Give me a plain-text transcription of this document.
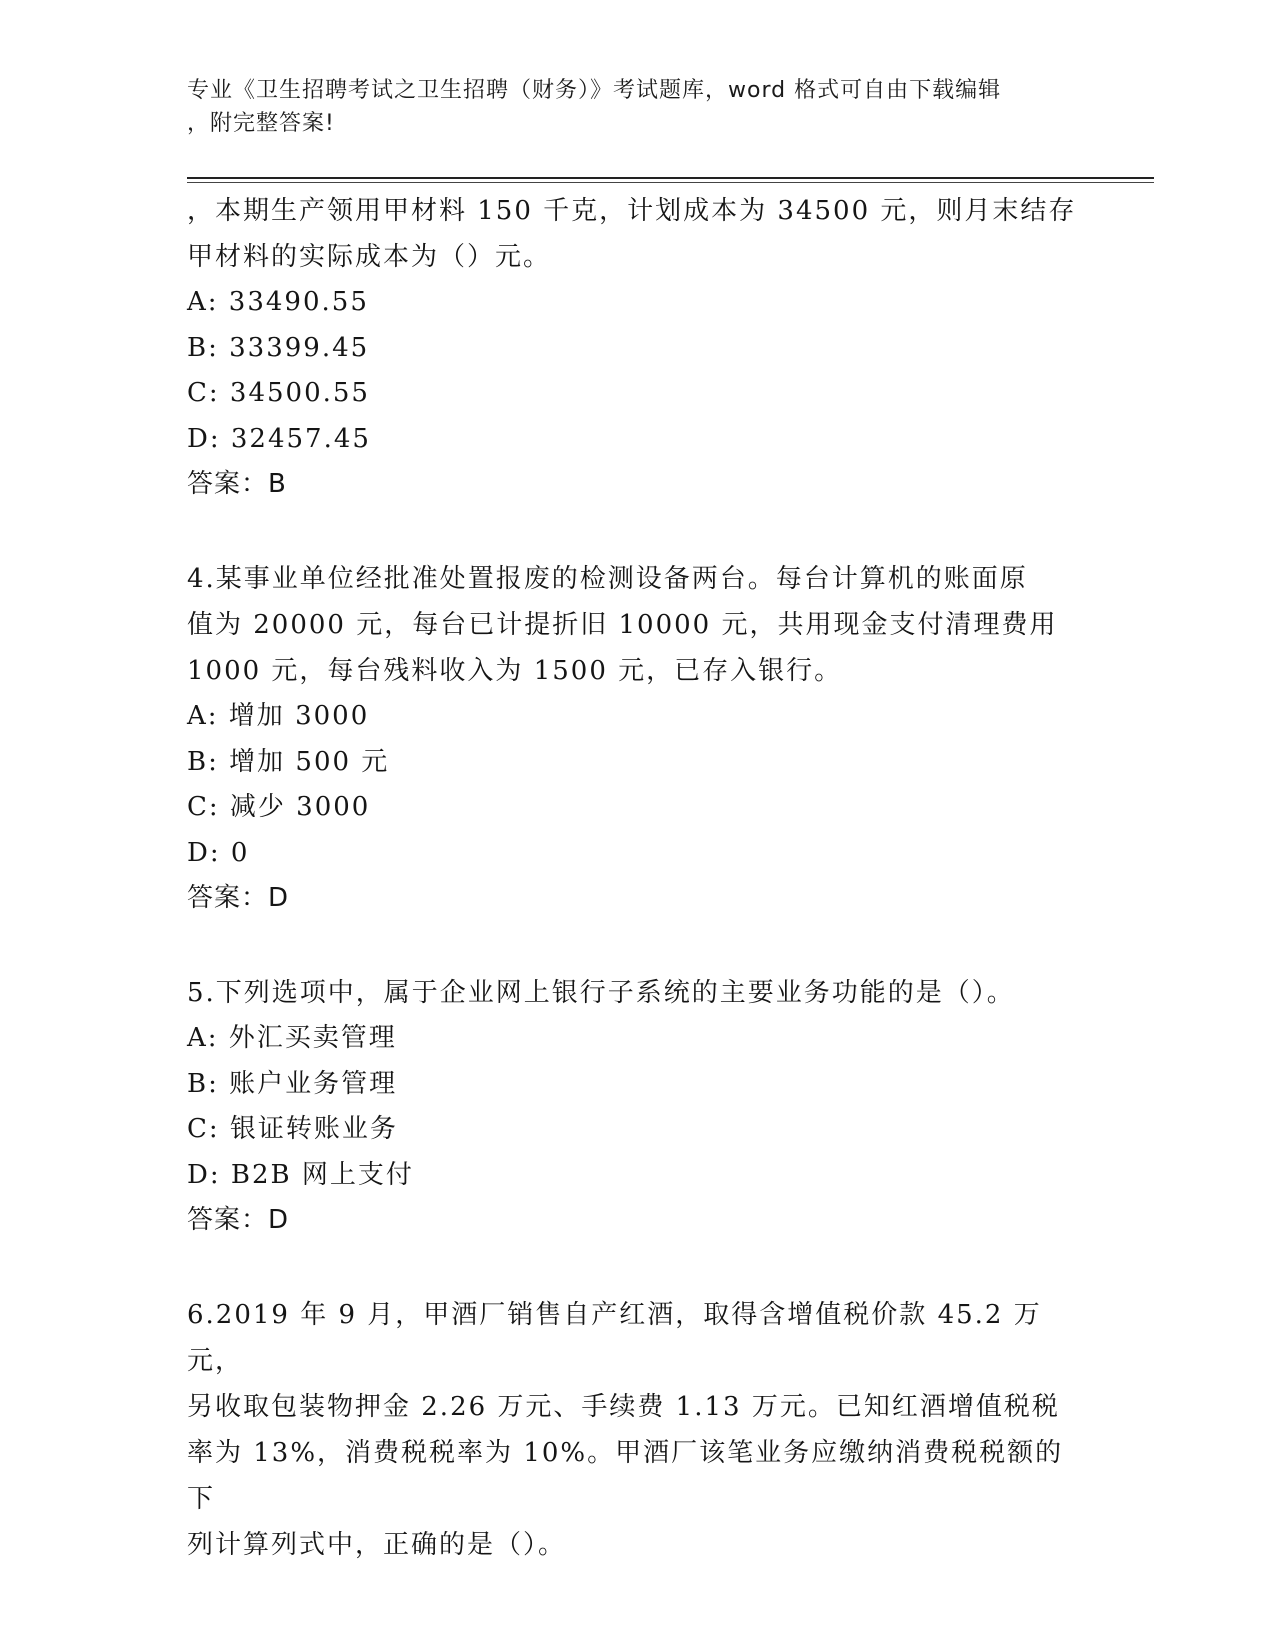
专业《卫生招聘考试之卫生招聘（财务）》考试题库，word 格式可自由下载编辑
，附完整答案!

，本期生产领用甲材料 150 千克，计划成本为 34500 元，则月末结存

甲材料的实际成本为（）元。

A: 33490.55

B: 33399.45

C: 34500.55

D: 32457.45

答案：B

4.某事业单位经批准处置报废的检测设备两台。每台计算机的账面原

值为 20000 元，每台已计提折旧 10000 元，共用现金支付清理费用

1000 元，每台残料收入为 1500 元，已存入银行。

A: 增加 3000

B: 增加 500 元

C: 减少 3000

D: 0

答案：D

5.下列选项中，属于企业网上银行子系统的主要业务功能的是（）。

A: 外汇买卖管理

B: 账户业务管理

C: 银证转账业务

D: B2B 网上支付

答案：D

6.2019 年 9 月，甲酒厂销售自产红酒，取得含增值税价款 45.2 万元，

另收取包装物押金 2.26 万元、手续费 1.13 万元。已知红酒增值税税

率为 13%，消费税税率为 10%。甲酒厂该笔业务应缴纳消费税税额的下

列计算列式中，正确的是（）。
